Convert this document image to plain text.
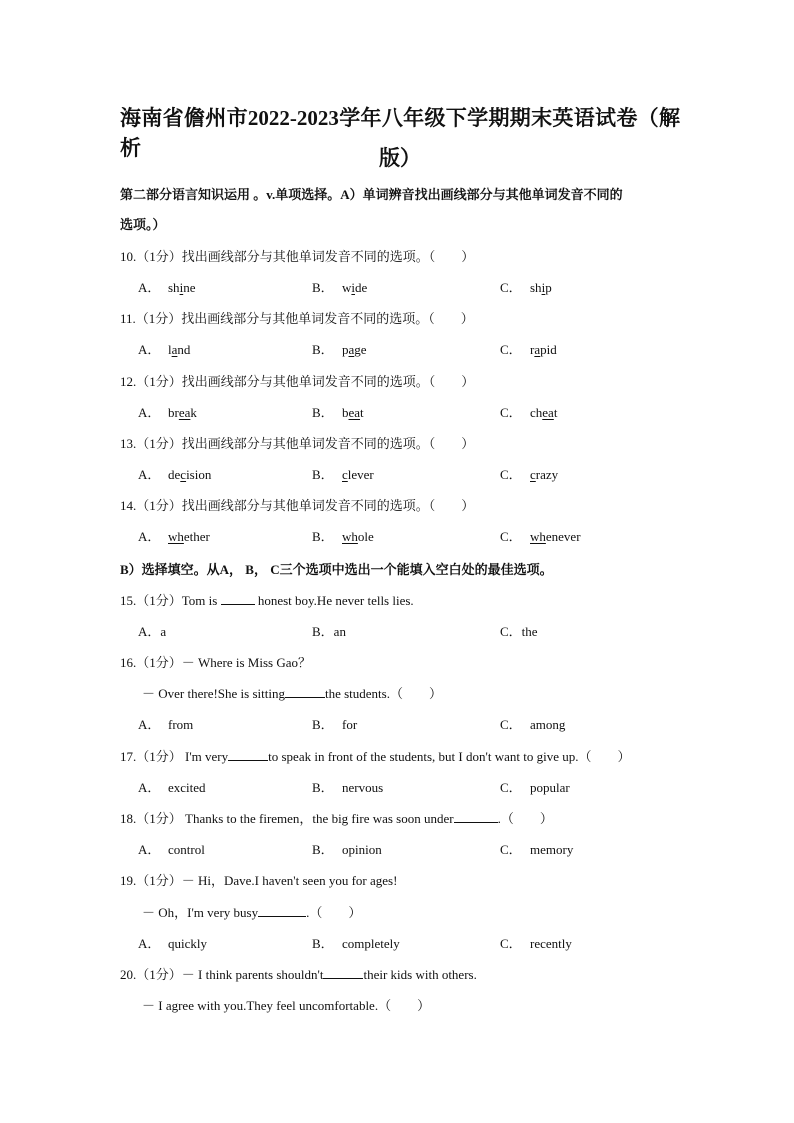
海南省儋州市2022-2023学年八年级下学期期末英语试卷（解析	版）
第二部分语言知识运用 。v.单项选择。A）单词辨音找出画线部分与其他单词发音不同的
选项。）
10.（1分）找出画线部分与其他单词发音不同的选项。（　　）
A． shine	B． wide	C． ship
11.（1分）找出画线部分与其他单词发音不同的选项。（　　）
A． land	B． page	C． rapid
12.（1分）找出画线部分与其他单词发音不同的选项。（　　）
A． break	B． beat	C． cheat
13.（1分）找出画线部分与其他单词发音不同的选项。（　　）
A． decision	B． clever	C． crazy
14.（1分）找出画线部分与其他单词发音不同的选项。（　　）
A． whether	B． whole	C． whenever
B）选择填空。从A， B， C三个选项中选出一个能填入空白处的最佳选项。
15.（1分）Tom is	honest boy.He never tells lies.
A．a	B．an	C．the
16.（1分）－ Where is Miss Gao？
－ Over there!She is sitting	the students.（　　）
A． from	B． for	C． among
17.（1分） I'm very	to speak in front of the students, but I don't want to give up.（　　）
A． excited	B． nervous	C． popular
18.（1分） Thanks to the firemen，the big fire was soon under	.（　　）
A． control	B． opinion	C． memory
19.（1分）－ Hi，Dave.I haven't seen you for ages!
－ Oh，I'm very busy	.（　　）
A． quickly	B． completely	C． recently
20.（1分）－ I think parents shouldn't	their kids with others.
－ I agree with you.They feel uncomfortable.（　　）
